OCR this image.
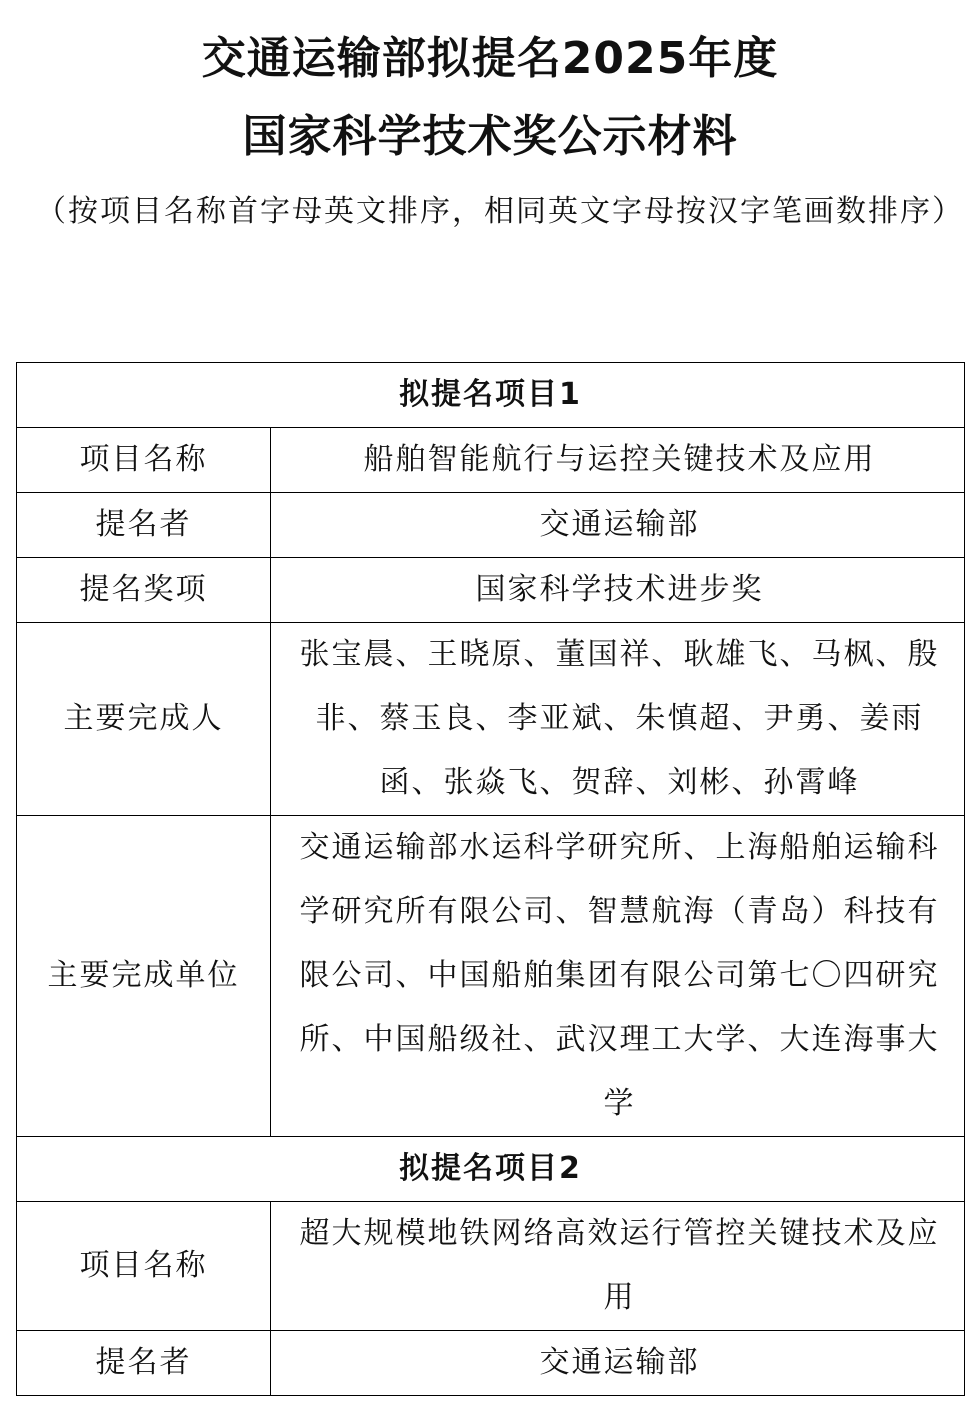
交通运输部拟提名2025年度
国家科学技术奖公示材料
（按项目名称首字母英文排序，相同英文字母按汉字笔画数排序）
拟提名项目1	
项目名称	船舶智能航行与运控关键技术及应用
提名者	交通运输部
提名奖项	国家科学技术进步奖
主要完成人	张宝晨、王晓原、董国祥、耿雄飞、马枫、殷非、蔡玉良、李亚斌、朱慎超、尹勇、姜雨函、张焱飞、贺辞、刘彬、孙霄峰
主要完成单位	交通运输部水运科学研究所、上海船舶运输科学研究所有限公司、智慧航海（青岛）科技有限公司、中国船舶集团有限公司第七〇四研究所、中国船级社、武汉理工大学、大连海事大学
拟提名项目2	
项目名称	超大规模地铁网络高效运行管控关键技术及应用
提名者	交通运输部
